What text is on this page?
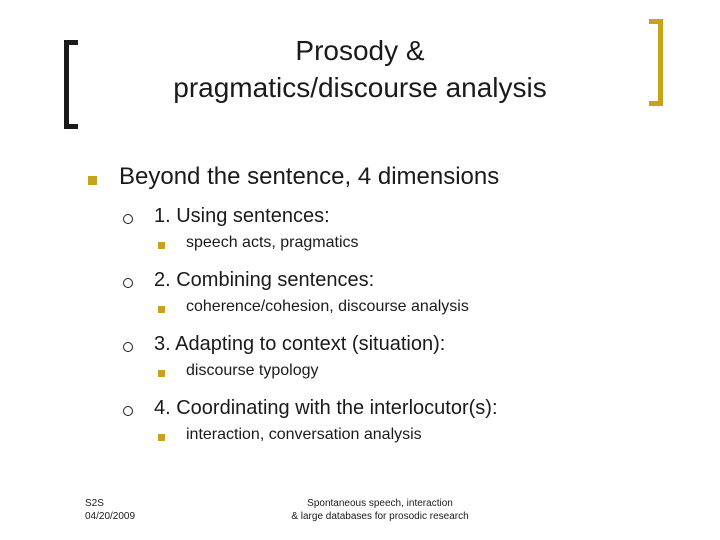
Prosody &
pragmatics/discourse analysis
Beyond the sentence, 4 dimensions
1. Using sentences:
speech acts, pragmatics
2. Combining sentences:
coherence/cohesion, discourse analysis
3. Adapting to context (situation):
discourse typology
4. Coordinating with the interlocutor(s):
interaction, conversation analysis
S2S
04/20/2009
Spontaneous speech, interaction
& large databases for prosodic research
